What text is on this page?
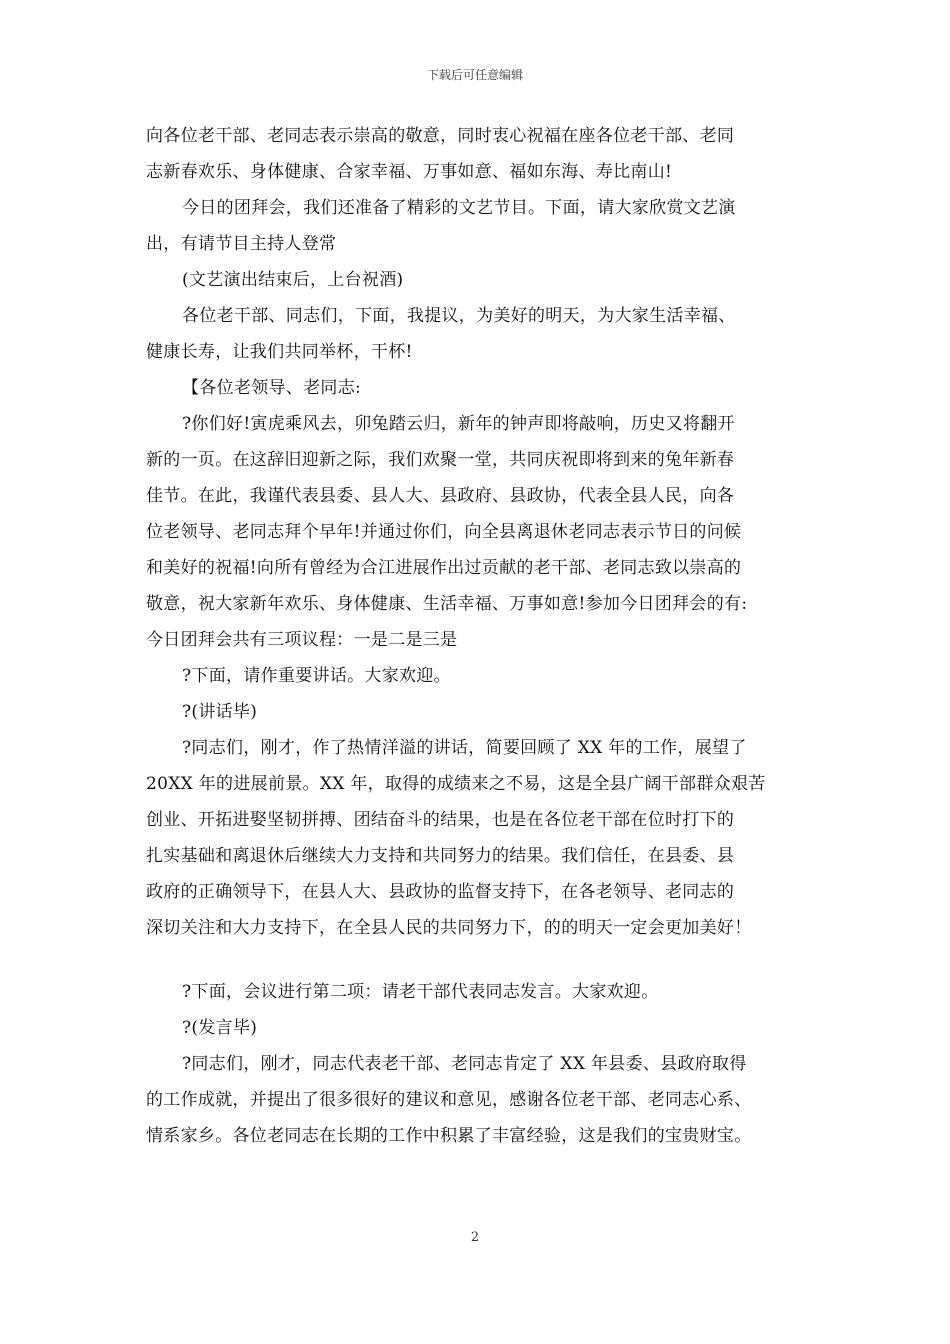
下载后可任意编辑
向各位老干部、老同志表示崇高的敬意，同时衷心祝福在座各位老干部、老同
志新春欢乐、身体健康、合家幸福、万事如意、福如东海、寿比南山!
今日的团拜会，我们还准备了精彩的文艺节目。下面，请大家欣赏文艺演
出，有请节目主持人登常
(文艺演出结束后，上台祝酒)
各位老干部、同志们，下面，我提议，为美好的明天，为大家生活幸福、
健康长寿，让我们共同举杯，干杯!
【各位老领导、老同志:
?你们好!寅虎乘风去，卯兔踏云归，新年的钟声即将敲响，历史又将翻开
新的一页。在这辞旧迎新之际，我们欢聚一堂，共同庆祝即将到来的兔年新春
佳节。在此，我谨代表县委、县人大、县政府、县政协，代表全县人民，向各
位老领导、老同志拜个早年!并通过你们，向全县离退休老同志表示节日的问候
和美好的祝福!向所有曾经为合江进展作出过贡献的老干部、老同志致以崇高的
敬意，祝大家新年欢乐、身体健康、生活幸福、万事如意!参加今日团拜会的有:
今日团拜会共有三项议程：一是二是三是
?下面，请作重要讲话。大家欢迎。
?(讲话毕)
?同志们，刚才，作了热情洋溢的讲话，简要回顾了 XX 年的工作，展望了
20XX 年的进展前景。XX 年，取得的成绩来之不易，这是全县广阔干部群众艰苦
创业、开拓进娶坚韧拼搏、团结奋斗的结果，也是在各位老干部在位时打下的
扎实基础和离退休后继续大力支持和共同努力的结果。我们信任，在县委、县
政府的正确领导下，在县人大、县政协的监督支持下，在各老领导、老同志的
深切关注和大力支持下，在全县人民的共同努力下，的的明天一定会更加美好！
?下面，会议进行第二项：请老干部代表同志发言。大家欢迎。
?(发言毕)
?同志们，刚才，同志代表老干部、老同志肯定了 XX 年县委、县政府取得
的工作成就，并提出了很多很好的建议和意见，感谢各位老干部、老同志心系、
情系家乡。各位老同志在长期的工作中积累了丰富经验，这是我们的宝贵财宝。
2
